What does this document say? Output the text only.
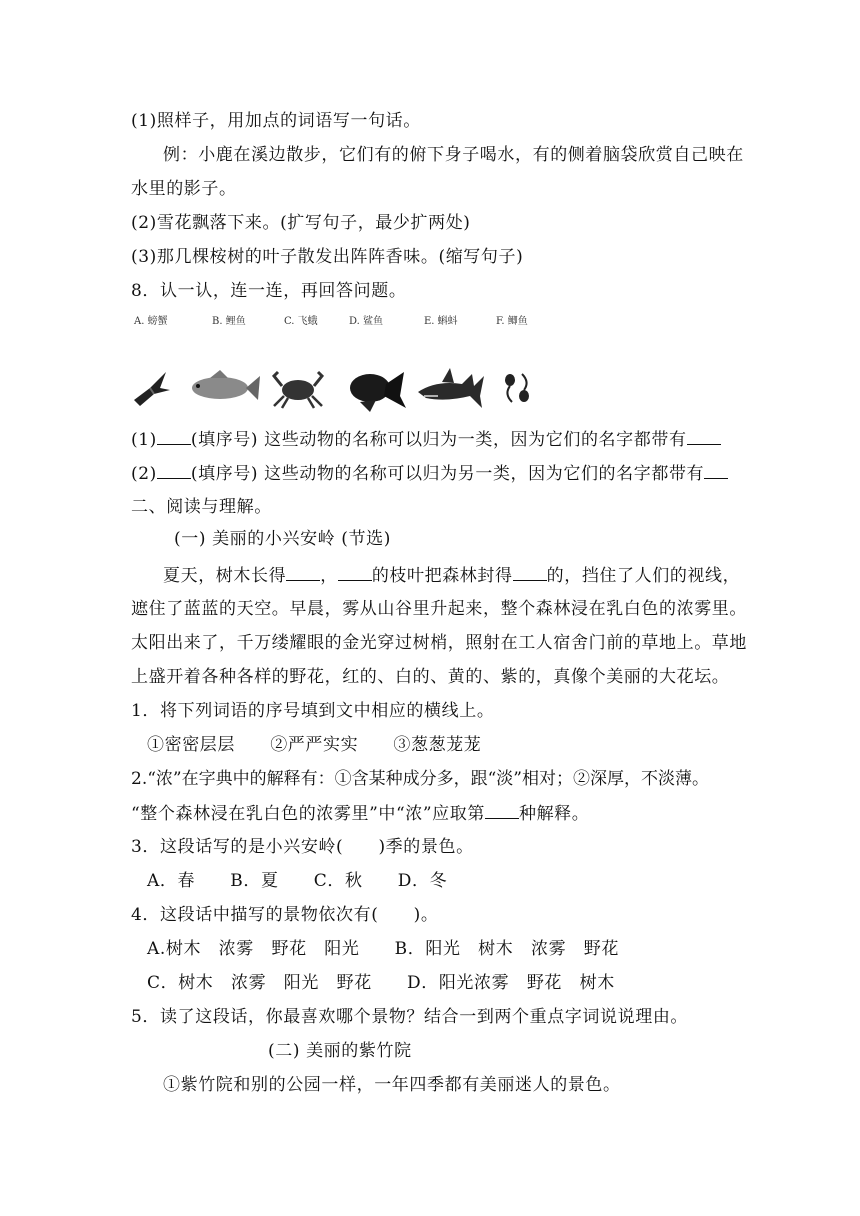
(1)照样子，用加点的词语写一句话。
例：小鹿在溪边散步，它们有的俯下身子喝水，有的侧着脑袋欣赏自己映在
水里的影子。
(2)雪花飘落下来。(扩写句子，最少扩两处)
(3)那几棵桉树的叶子散发出阵阵香味。(缩写句子)
8．认一认，连一连，再回答问题。
A. 螃蟹	B. 鲤鱼	C. 飞蛾	D. 鲨鱼	E. 蝌蚪	F. 鲫鱼
(1) (填序号) 这些动物的名称可以归为一类，因为它们的名字都带有
(2) (填序号) 这些动物的名称可以归为另一类，因为它们的名字都带有
二、阅读与理解。
(一) 美丽的小兴安岭 (节选)
夏天，树木长得 ， 的枝叶把森林封得 的，挡住了人们的视线，
遮住了蓝蓝的天空。早晨，雾从山谷里升起来，整个森林浸在乳白色的浓雾里。
太阳出来了，千万缕耀眼的金光穿过树梢，照射在工人宿舍门前的草地上。草地
上盛开着各种各样的野花，红的、白的、黄的、紫的，真像个美丽的大花坛。
1．将下列词语的序号填到文中相应的横线上。
①密密层层　　②严严实实　　③葱葱茏茏
2.“浓”在字典中的解释有：①含某种成分多，跟“淡”相对；②深厚，不淡薄。
“整个森林浸在乳白色的浓雾里”中“浓”应取第 种解释。
3．这段话写的是小兴安岭(　　)季的景色。
A．春　　B．夏　　C．秋　　D．冬
4．这段话中描写的景物依次有(　　)。
A.树木　浓雾　野花　阳光　　B．阳光　树木　浓雾　野花
C．树木　浓雾　阳光　野花　　D．阳光浓雾　野花　树木
5．读了这段话，你最喜欢哪个景物？结合一到两个重点字词说说理由。
(二) 美丽的紫竹院
①紫竹院和别的公园一样，一年四季都有美丽迷人的景色。
